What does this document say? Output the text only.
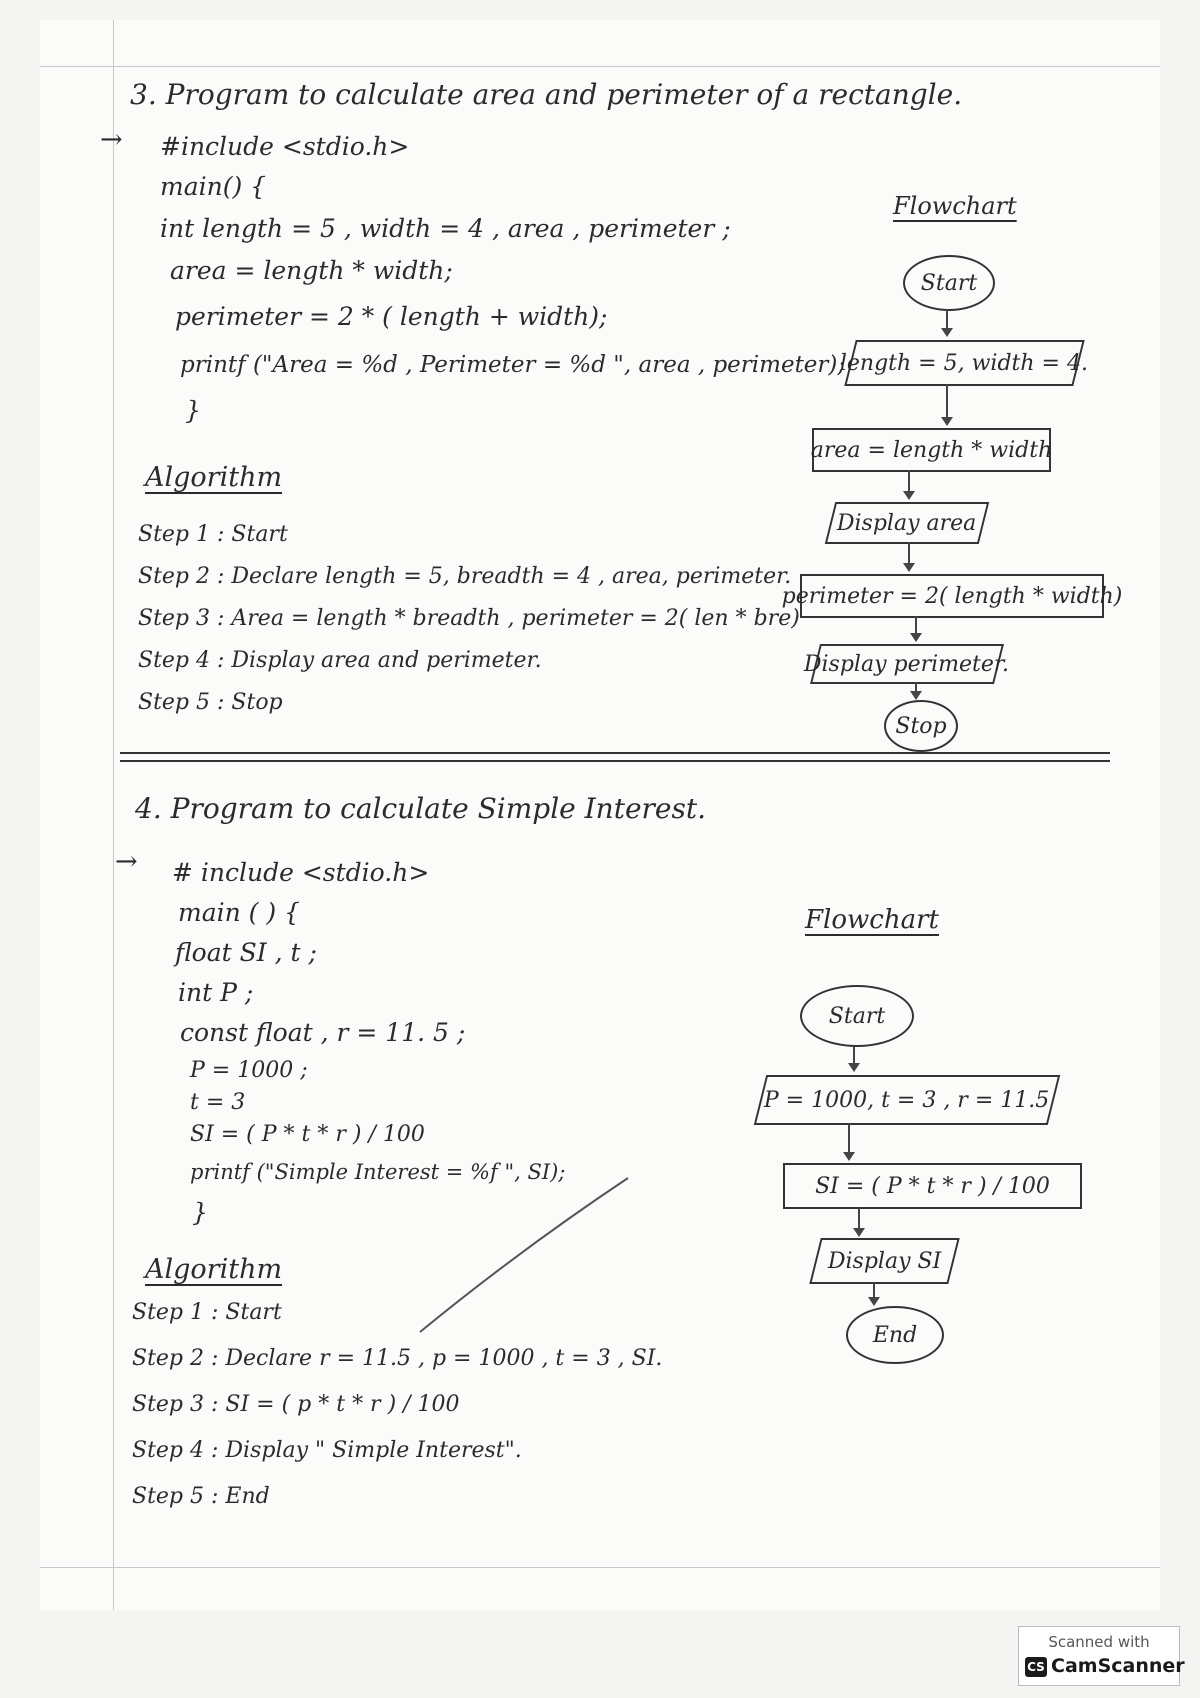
3. Program to calculate area and perimeter of a rectangle.
→ #include <stdio.h>
main() {
int length = 5 , width = 4 , area , perimeter ;
area = length * width;
perimeter = 2 * ( length + width);
printf ("Area = %d , Perimeter = %d ", area , perimeter);
}
Algorithm
Step 1 : Start
Step 2 : Declare length = 5, breadth = 4 , area, perimeter.
Step 3 : Area = length * breadth , perimeter = 2( len * bre)
Step 4 : Display area and perimeter.
Step 5 : Stop
Flowchart
Start
length = 5, width = 4.
area = length * width
Display area
perimeter = 2( length * width)
Display perimeter.
Stop
4. Program to calculate Simple Interest.
→ # include <stdio.h>
main ( ) {
float SI , t ;
int P ;
const float , r = 11. 5 ;
P = 1000 ;
t = 3
SI = ( P * t * r ) / 100
printf ("Simple Interest = %f ", SI);
}
Algorithm
Step 1 : Start
Step 2 : Declare r = 11.5 , p = 1000 , t = 3 , SI.
Step 3 : SI = ( p * t * r ) / 100
Step 4 : Display " Simple Interest".
Step 5 : End
Flowchart
Start
P = 1000, t = 3 , r = 11.5
SI = ( P * t * r ) / 100
Display SI
End
Scanned with
CS CamScanner
